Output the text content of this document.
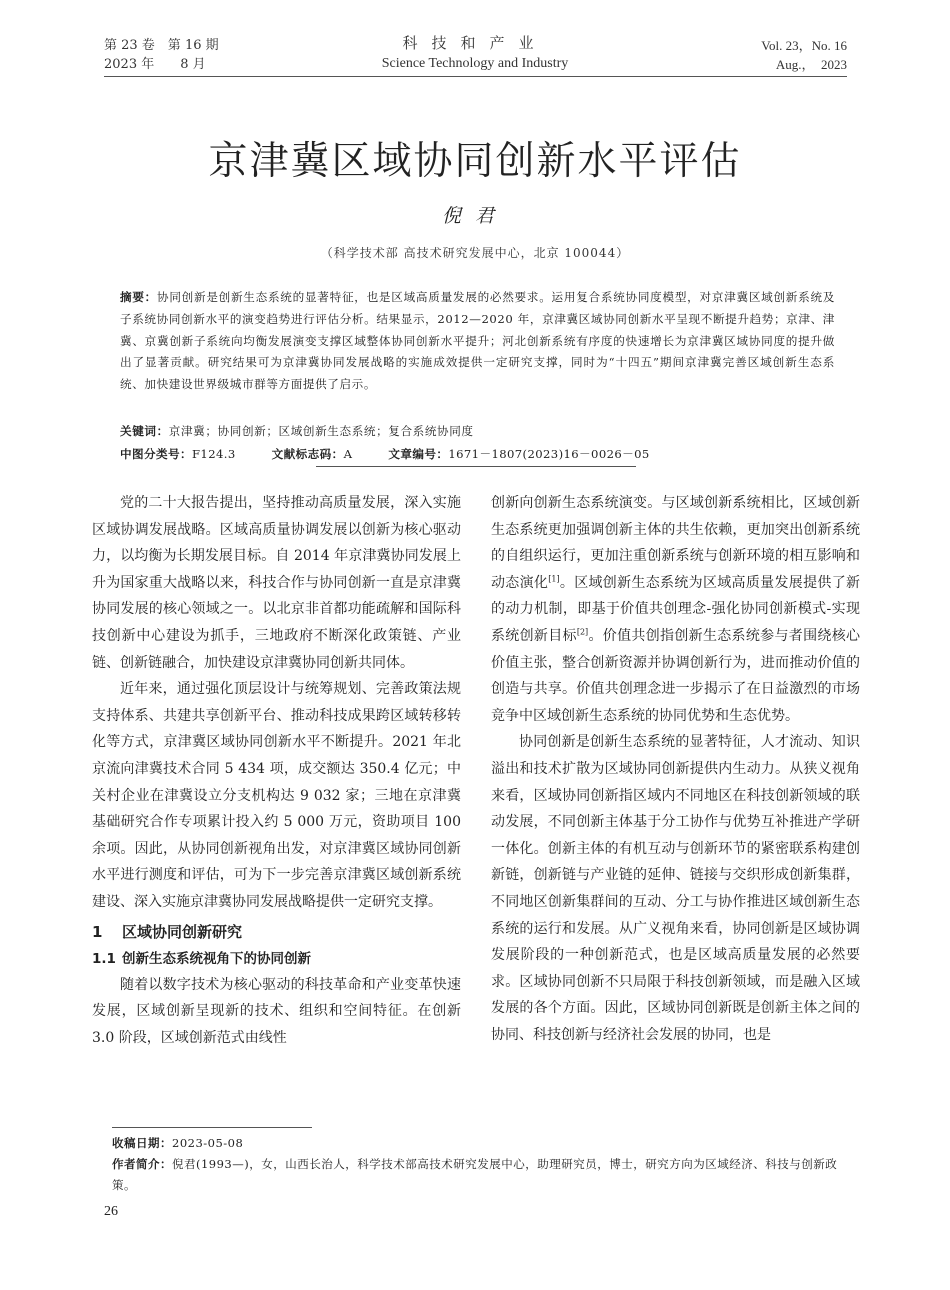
第 23 卷　第 16 期
2023 年　　8 月
科技和产业
Science Technology and Industry
Vol. 23，No. 16
Aug.，　2023
京津冀区域协同创新水平评估
倪君
（科学技术部 高技术研究发展中心，北京 100044）
摘要：协同创新是创新生态系统的显著特征，也是区域高质量发展的必然要求。运用复合系统协同度模型，对京津冀区域创新系统及子系统协同创新水平的演变趋势进行评估分析。结果显示，2012—2020 年，京津冀区域协同创新水平呈现不断提升趋势；京津、津冀、京冀创新子系统向均衡发展演变支撑区域整体协同创新水平提升；河北创新系统有序度的快速增长为京津冀区域协同度的提升做出了显著贡献。研究结果可为京津冀协同发展战略的实施成效提供一定研究支撑，同时为“十四五”期间京津冀完善区域创新生态系统、加快建设世界级城市群等方面提供了启示。
关键词：京津冀；协同创新；区域创新生态系统；复合系统协同度
中图分类号：F124.3	文献标志码：A	文章编号：1671－1807(2023)16－0026－05

党的二十大报告提出，坚持推动高质量发展，深入实施区域协调发展战略。区域高质量协调发展以创新为核心驱动力，以均衡为长期发展目标。自 2014 年京津冀协同发展上升为国家重大战略以来，科技合作与协同创新一直是京津冀协同发展的核心领域之一。以北京非首都功能疏解和国际科技创新中心建设为抓手，三地政府不断深化政策链、产业链、创新链融合，加快建设京津冀协同创新共同体。

近年来，通过强化顶层设计与统筹规划、完善政策法规支持体系、共建共享创新平台、推动科技成果跨区域转移转化等方式，京津冀区域协同创新水平不断提升。2021 年北京流向津冀技术合同 5 434 项，成交额达 350.4 亿元；中关村企业在津冀设立分支机构达 9 032 家；三地在京津冀基础研究合作专项累计投入约 5 000 万元，资助项目 100 余项。因此，从协同创新视角出发，对京津冀区域协同创新水平进行测度和评估，可为下一步完善京津冀区域创新系统建设、深入实施京津冀协同发展战略提供一定研究支撑。

1 区域协同创新研究
1.1 创新生态系统视角下的协同创新

随着以数字技术为核心驱动的科技革命和产业变革快速发展，区域创新呈现新的技术、组织和空间特征。在创新 3.0 阶段，区域创新范式由线性

创新向创新生态系统演变。与区域创新系统相比，区域创新生态系统更加强调创新主体的共生依赖，更加突出创新系统的自组织运行，更加注重创新系统与创新环境的相互影响和动态演化[1]。区域创新生态系统为区域高质量发展提供了新的动力机制，即基于价值共创理念-强化协同创新模式-实现系统创新目标[2]。价值共创指创新生态系统参与者围绕核心价值主张，整合创新资源并协调创新行为，进而推动价值的创造与共享。价值共创理念进一步揭示了在日益激烈的市场竞争中区域创新生态系统的协同优势和生态优势。

协同创新是创新生态系统的显著特征，人才流动、知识溢出和技术扩散为区域协同创新提供内生动力。从狭义视角来看，区域协同创新指区域内不同地区在科技创新领域的联动发展，不同创新主体基于分工协作与优势互补推进产学研一体化。创新主体的有机互动与创新环节的紧密联系构建创新链，创新链与产业链的延伸、链接与交织形成创新集群，不同地区创新集群间的互动、分工与协作推进区域创新生态系统的运行和发展。从广义视角来看，协同创新是区域协调发展阶段的一种创新范式，也是区域高质量发展的必然要求。区域协同创新不只局限于科技创新领域，而是融入区域发展的各个方面。因此，区域协同创新既是创新主体之间的协同、科技创新与经济社会发展的协同，也是

收稿日期：2023-05-08

作者简介：倪君(1993—)，女，山西长治人，科学技术部高技术研究发展中心，助理研究员，博士，研究方向为区域经济、科技与创新政策。

26
